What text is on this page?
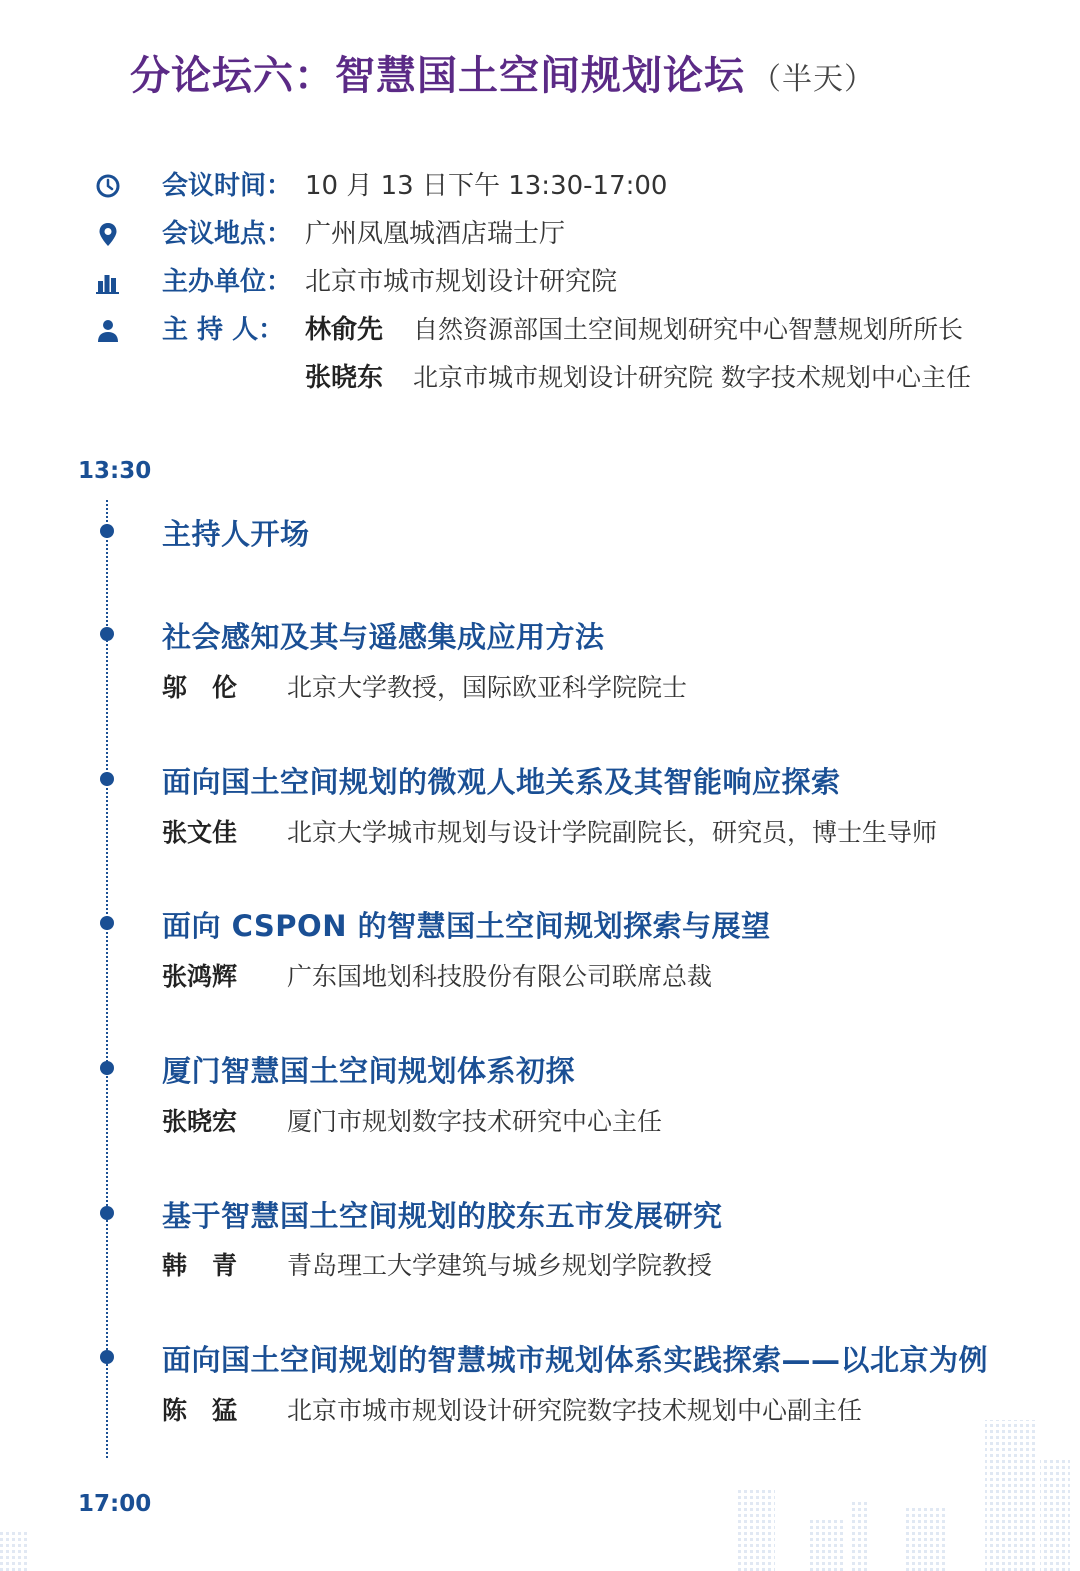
分论坛六：智慧国土空间规划论坛 （半天）
会议时间： 10 月 13 日下午 13:30-17:00
会议地点： 广州凤凰城酒店瑞士厅
主办单位： 北京市城市规划设计研究院
主 持 人： 林俞先 自然资源部国土空间规划研究中心智慧规划所所长
张晓东 北京市城市规划设计研究院 数字技术规划中心主任
13:30
主持人开场
社会感知及其与遥感集成应用方法
邬　伦 北京大学教授，国际欧亚科学院院士
面向国土空间规划的微观人地关系及其智能响应探索
张文佳 北京大学城市规划与设计学院副院长，研究员，博士生导师
面向 CSPON 的智慧国土空间规划探索与展望
张鸿辉 广东国地划科技股份有限公司联席总裁
厦门智慧国土空间规划体系初探
张晓宏 厦门市规划数字技术研究中心主任
基于智慧国土空间规划的胶东五市发展研究
韩　青 青岛理工大学建筑与城乡规划学院教授
面向国土空间规划的智慧城市规划体系实践探索——以北京为例
陈　猛 北京市城市规划设计研究院数字技术规划中心副主任
17:00
